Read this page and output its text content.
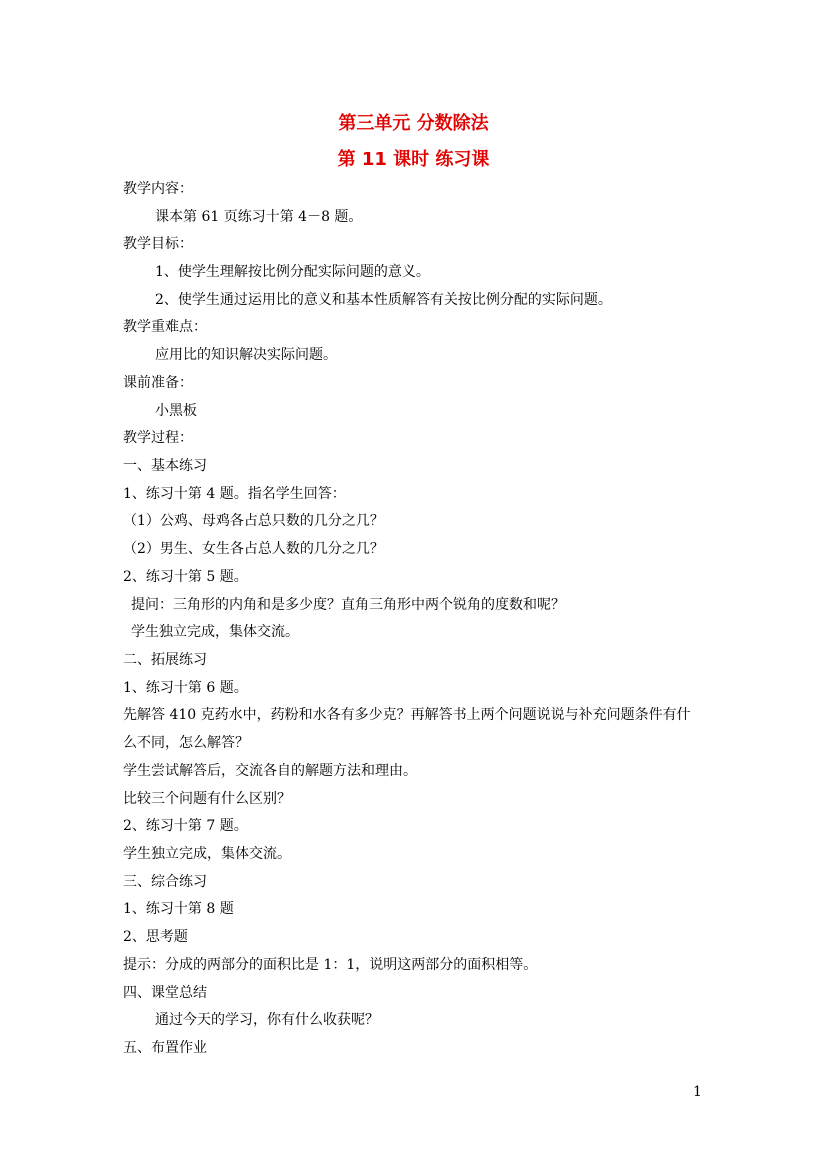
第三单元 分数除法
第 11 课时 练习课
教学内容：
课本第 61 页练习十第 4－8 题。
教学目标：
1、使学生理解按比例分配实际问题的意义。
2、使学生通过运用比的意义和基本性质解答有关按比例分配的实际问题。
教学重难点：
应用比的知识解决实际问题。
课前准备：
小黑板
教学过程：
一、基本练习
1、练习十第 4 题。指名学生回答：
（1）公鸡、母鸡各占总只数的几分之几？
（2）男生、女生各占总人数的几分之几？
2、练习十第 5 题。
提问：三角形的内角和是多少度？直角三角形中两个锐角的度数和呢？
学生独立完成，集体交流。
二、拓展练习
1、练习十第 6 题。
先解答 410 克药水中，药粉和水各有多少克？再解答书上两个问题说说与补充问题条件有什
么不同，怎么解答？
学生尝试解答后，交流各自的解题方法和理由。
比较三个问题有什么区别？
2、练习十第 7 题。
学生独立完成，集体交流。
三、综合练习
1、练习十第 8 题
2、思考题
提示：分成的两部分的面积比是 1：1，说明这两部分的面积相等。
四、课堂总结
通过今天的学习，你有什么收获呢？
五、布置作业
1
